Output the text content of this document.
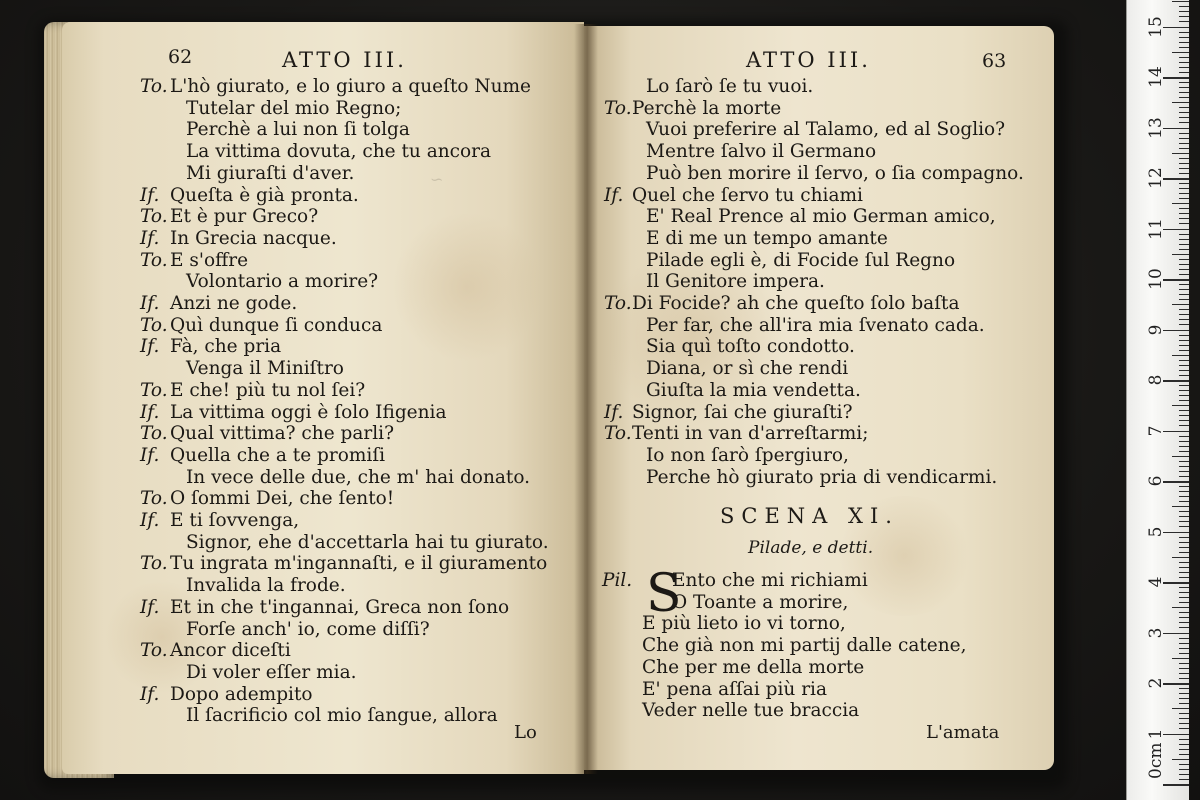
~
62	ATTO III.	ATTO III.	63
To. L'hò giurato, e lo giuro a queſto Nume
Tutelar del mio Regno;
Perchè a lui non ſi tolga
La vittima dovuta, che tu ancora
Mi giuraſti d'aver.
If. Queſta è già pronta.
To. Et è pur Greco?
If. In Grecia nacque.
To. E s'offre
Volontario a morire?
If. Anzi ne gode.
To. Quì dunque ſi conduca
If. Fà, che pria
Venga il Miniſtro
To. E che! più tu nol ſei?
If. La vittima oggi è ſolo Ifigenia
To. Qual vittima? che parli?
If. Quella che a te promiſi
In vece delle due, che m' hai donato.
To. O ſommi Dei, che ſento!
If. E ti ſovvenga,
Signor, ehe d'accettarla hai tu giurato.
To. Tu ingrata m'ingannaſti, e il giuramento
Invalida la frode.
If. Et in che t'ingannai, Greca non ſono
Forſe anch' io, come diſſi?
To. Ancor diceſti
Di voler eſſer mia.
If. Dopo adempito
Il ſacrificio col mio ſangue, allora
Lo ſarò ſe tu vuoi.
To. Perchè la morte
Vuoi preferire al Talamo, ed al Soglio?
Mentre ſalvo il Germano
Può ben morire il ſervo, o ſia compagno.
If. Quel che ſervo tu chiami
E' Real Prence al mio German amico,
E di me un tempo amante
Pilade egli è, di Focide ſul Regno
Il Genitore impera.
To. Di Focide? ah che queſto ſolo baſta
Per far, che all'ira mia ſvenato cada.
Sia quì toſto condotto.
Diana, or sì che rendi
Giuſta la mia vendetta.
If. Signor, ſai che giuraſti?
To. Tenti in van d'arreſtarmi;
Io non ſarò ſpergiuro,
Perche hò giurato pria di vendicarmi.
SCENA XI.
Pilade, e detti.
Pil. S
Ento che mi richiami
O Toante a morire,
E più lieto io vi torno,
Che già non mi partij dalle catene,
Che per me della morte
E' pena aſſai più ria
Veder nelle tue braccia
Lo	L'amata
15
14
13
12
11
10
9
8
7
6
5
4
3
2
1
0cm
